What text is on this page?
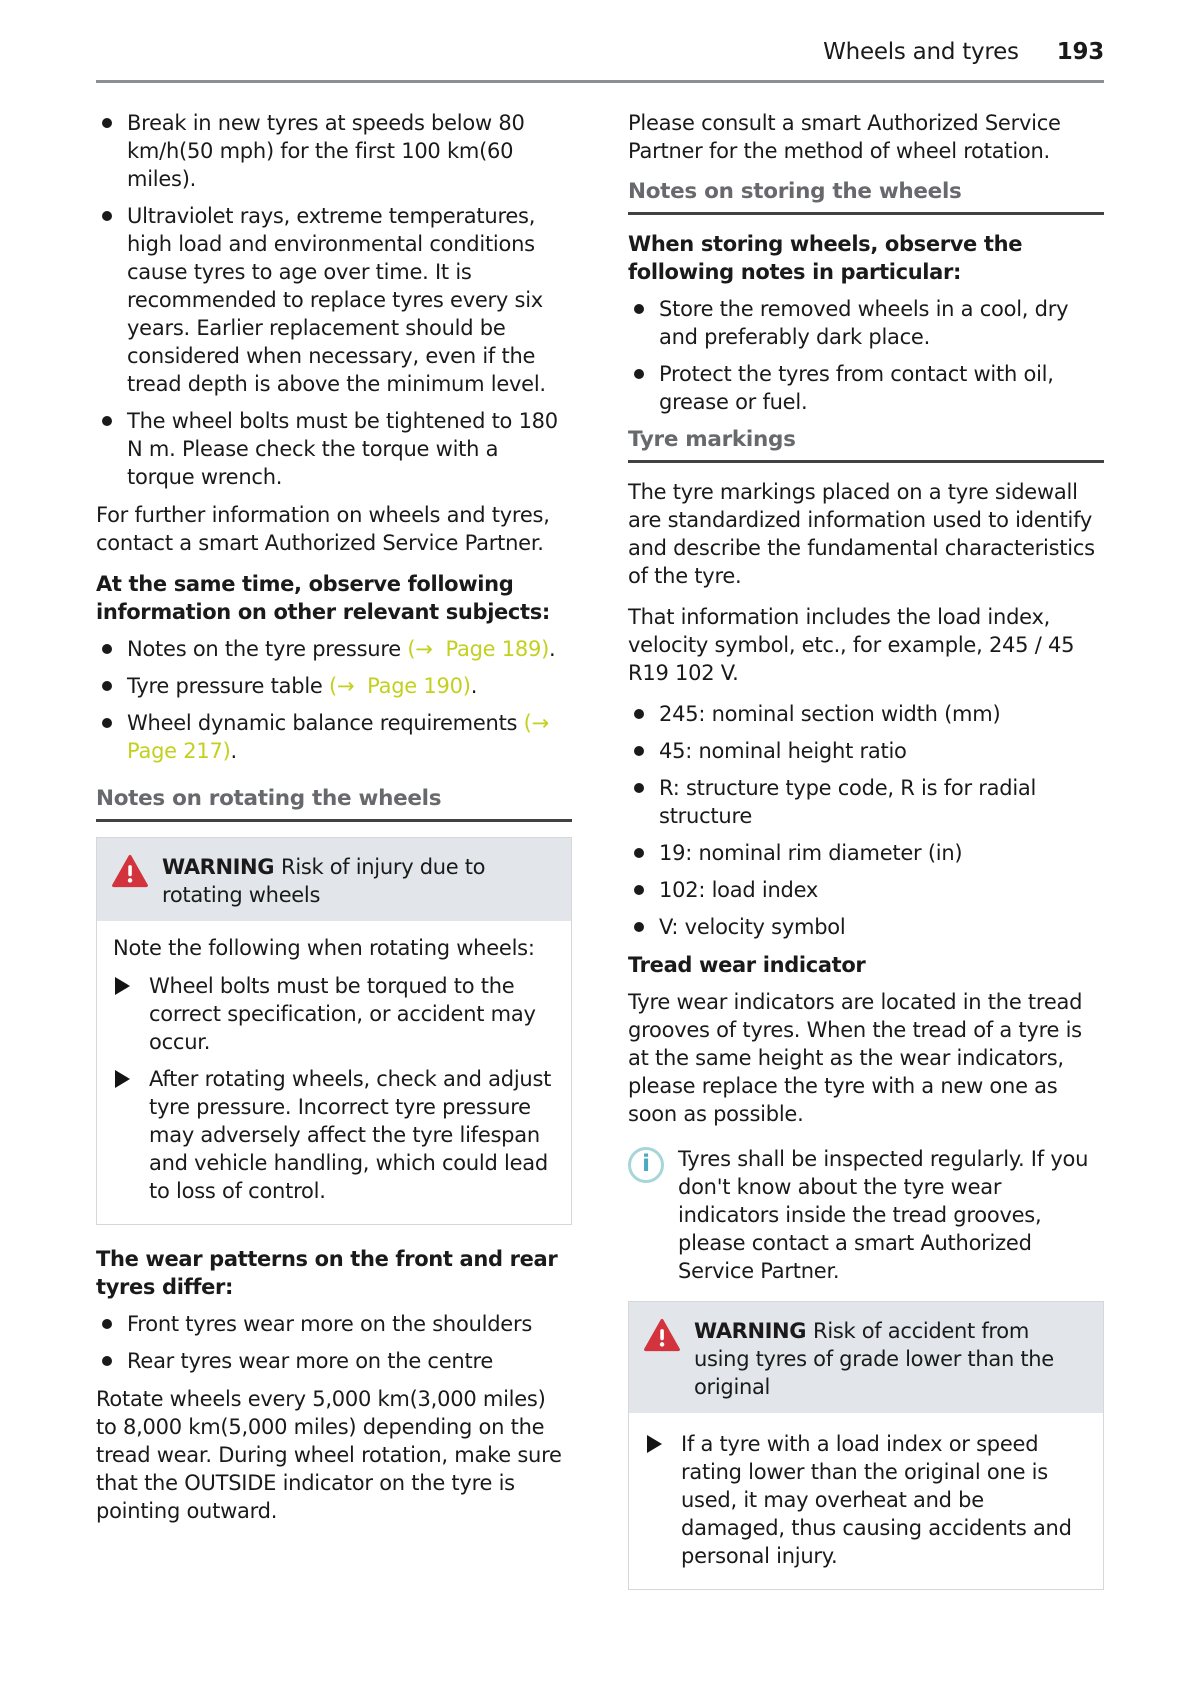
Wheels and tyres 193
Break in new tyres at speeds below 80 km/h(50 mph) for the first 100 km(60 miles).
Ultraviolet rays, extreme temperatures, high load and environmental conditions cause tyres to age over time. It is recommended to replace tyres every six years. Earlier replacement should be considered when necessary, even if the tread depth is above the minimum level.
The wheel bolts must be tightened to 180 N m. Please check the torque with a torque wrench.

For further information on wheels and tyres, contact a smart Authorized Service Partner.

At the same time, observe following information on other relevant subjects:

Notes on the tyre pressure (→  Page 189).
Tyre pressure table (→  Page 190).
Wheel dynamic balance requirements (→  Page 217).
Notes on rotating the wheels
WARNING Risk of injury due to rotating wheels

Note the following when rotating wheels:

Wheel bolts must be torqued to the correct specification, or accident may occur.
After rotating wheels, check and adjust tyre pressure. Incorrect tyre pressure may adversely affect the tyre lifespan and vehicle handling, which could lead to loss of control.

The wear patterns on the front and rear tyres differ:

Front tyres wear more on the shoulders
Rear tyres wear more on the centre

Rotate wheels every 5,000 km(3,000 miles) to 8,000 km(5,000 miles) depending on the tread wear. During wheel rotation, make sure that the OUTSIDE indicator on the tyre is pointing outward.

Please consult a smart Authorized Service Partner for the method of wheel rotation.

Notes on storing the wheels

When storing wheels, observe the following notes in particular:

Store the removed wheels in a cool, dry and preferably dark place.
Protect the tyres from contact with oil, grease or fuel.
Tyre markings

The tyre markings placed on a tyre sidewall are standardized information used to identify and describe the fundamental characteristics of the tyre.

That information includes the load index, velocity symbol, etc., for example, 245 / 45 R19 102 V.

245: nominal section width (mm)
45: nominal height ratio
R: structure type code, R is for radial structure
19: nominal rim diameter (in)
102: load index
V: velocity symbol

Tread wear indicator

Tyre wear indicators are located in the tread grooves of tyres. When the tread of a tyre is at the same height as the wear indicators, please replace the tyre with a new one as soon as possible.

i Tyres shall be inspected regularly. If you don't know about the tyre wear indicators inside the tread grooves, please contact a smart Authorized Service Partner.

WARNING Risk of accident from using tyres of grade lower than the original
If a tyre with a load index or speed rating lower than the original one is used, it may overheat and be damaged, thus causing accidents and personal injury.
